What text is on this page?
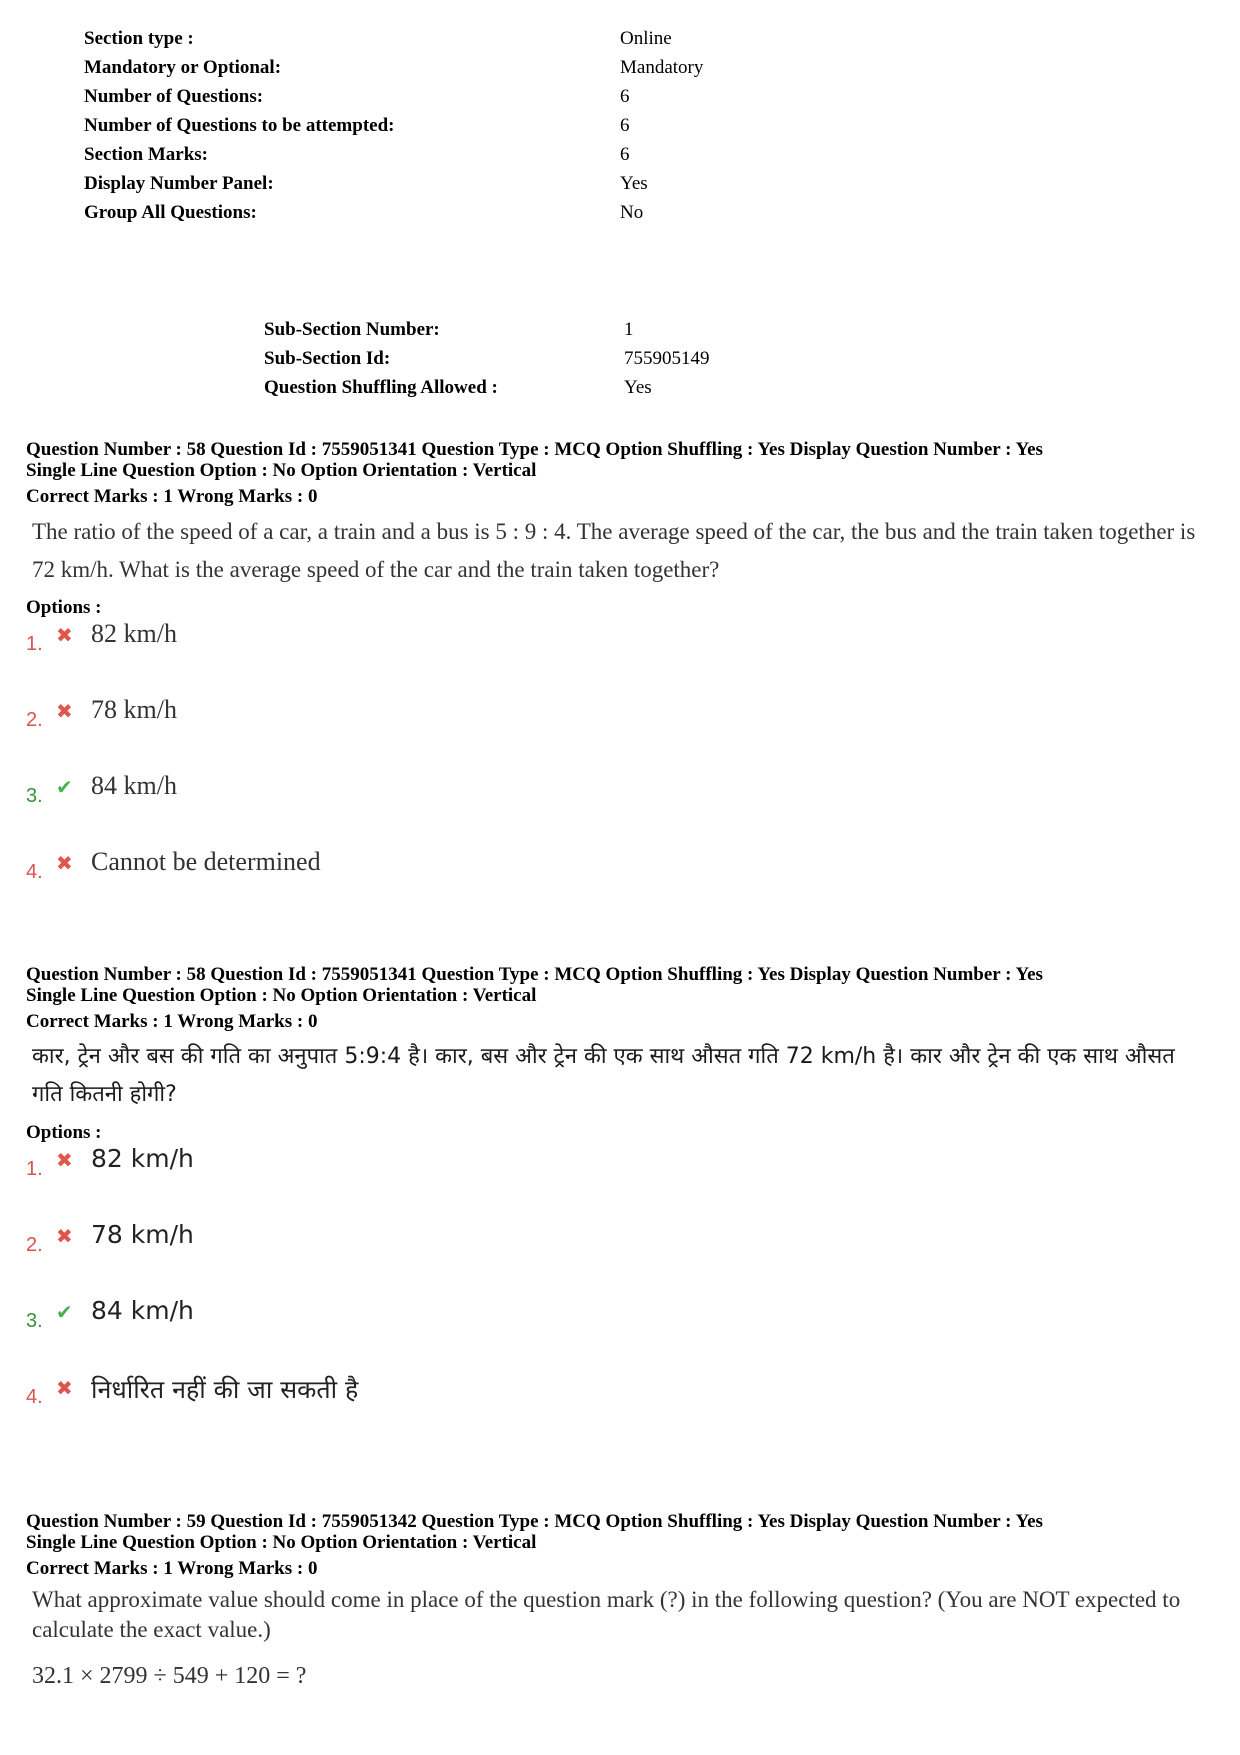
Section type :	Online
Mandatory or Optional:	Mandatory
Number of Questions:	6
Number of Questions to be attempted:	6
Section Marks:	6
Display Number Panel:	Yes
Group All Questions:	No
Sub-Section Number:	1
Sub-Section Id:	755905149
Question Shuffling Allowed :	Yes
Question Number : 58 Question Id : 7559051341 Question Type : MCQ Option Shuffling : Yes Display Question Number : Yes
Single Line Question Option : No Option Orientation : Vertical
Correct Marks : 1 Wrong Marks : 0
The ratio of the speed of a car, a train and a bus is 5 : 9 : 4. The average speed of the car, the bus and the train taken together is 72 km/h. What is the average speed of the car and the train taken together?
Options :
1. ✖ 82 km/h
2. ✖ 78 km/h
3. ✔ 84 km/h
4. ✖ Cannot be determined
Question Number : 58 Question Id : 7559051341 Question Type : MCQ Option Shuffling : Yes Display Question Number : Yes
Single Line Question Option : No Option Orientation : Vertical
Correct Marks : 1 Wrong Marks : 0
कार, ट्रेन और बस की गति का अनुपात 5:9:4 है। कार, बस और ट्रेन की एक साथ औसत गति 72 km/h है। कार और ट्रेन की एक साथ औसत गति कितनी होगी?
Options :
1. ✖ 82 km/h
2. ✖ 78 km/h
3. ✔ 84 km/h
4. ✖ निर्धारित नहीं की जा सकती है
Question Number : 59 Question Id : 7559051342 Question Type : MCQ Option Shuffling : Yes Display Question Number : Yes
Single Line Question Option : No Option Orientation : Vertical
Correct Marks : 1 Wrong Marks : 0
What approximate value should come in place of the question mark (?) in the following question? (You are NOT expected to calculate the exact value.)
32.1 × 2799 ÷ 549 + 120 = ?
